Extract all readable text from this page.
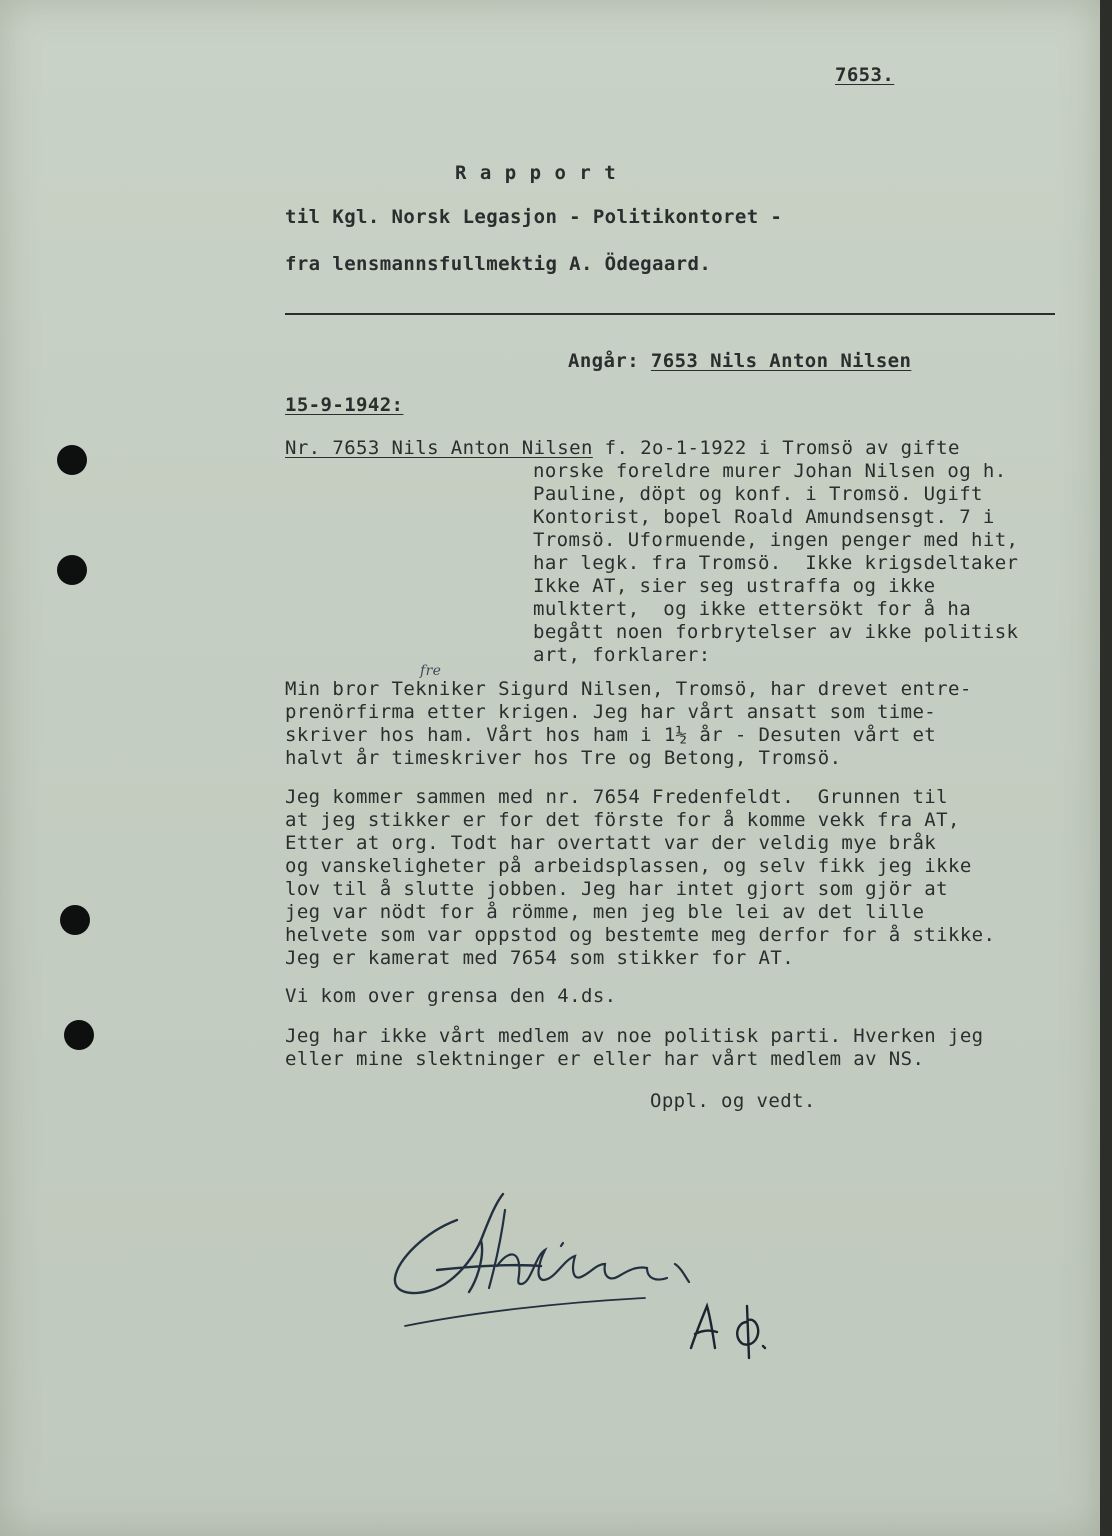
7653.
R a p p o r t
til Kgl. Norsk Legasjon - Politikontoret -
fra lensmannsfullmektig A. Ödegaard.
Angår: 7653 Nils Anton Nilsen
15-9-1942:
Nr. 7653 Nils Anton Nilsen f. 2o-1-1922 i Tromsö av gifte
norske foreldre murer Johan Nilsen og h.
Pauline, döpt og konf. i Tromsö. Ugift
Kontorist, bopel Roald Amundsensgt. 7 i
Tromsö. Uformuende, ingen penger med hit,
har legk. fra Tromsö.  Ikke krigsdeltaker
Ikke AT, sier seg ustraffa og ikke
mulktert,  og ikke ettersökt for å ha
begått noen forbrytelser av ikke politisk
art, forklarer:
fre
Min bror Tekniker Sigurd Nilsen, Tromsö, har drevet entre-
prenörfirma etter krigen. Jeg har vårt ansatt som time-
skriver hos ham. Vårt hos ham i 1½ år - Desuten vårt et
halvt år timeskriver hos Tre og Betong, Tromsö.
Jeg kommer sammen med nr. 7654 Fredenfeldt.  Grunnen til
at jeg stikker er for det förste for å komme vekk fra AT,
Etter at org. Todt har overtatt var der veldig mye bråk
og vanskeligheter på arbeidsplassen, og selv fikk jeg ikke
lov til å slutte jobben. Jeg har intet gjort som gjör at
jeg var nödt for å römme, men jeg ble lei av det lille
helvete som var oppstod og bestemte meg derfor for å stikke.
Jeg er kamerat med 7654 som stikker for AT.
Vi kom over grensa den 4.ds.
Jeg har ikke vårt medlem av noe politisk parti. Hverken jeg
eller mine slektninger er eller har vårt medlem av NS.
Oppl. og vedt.
